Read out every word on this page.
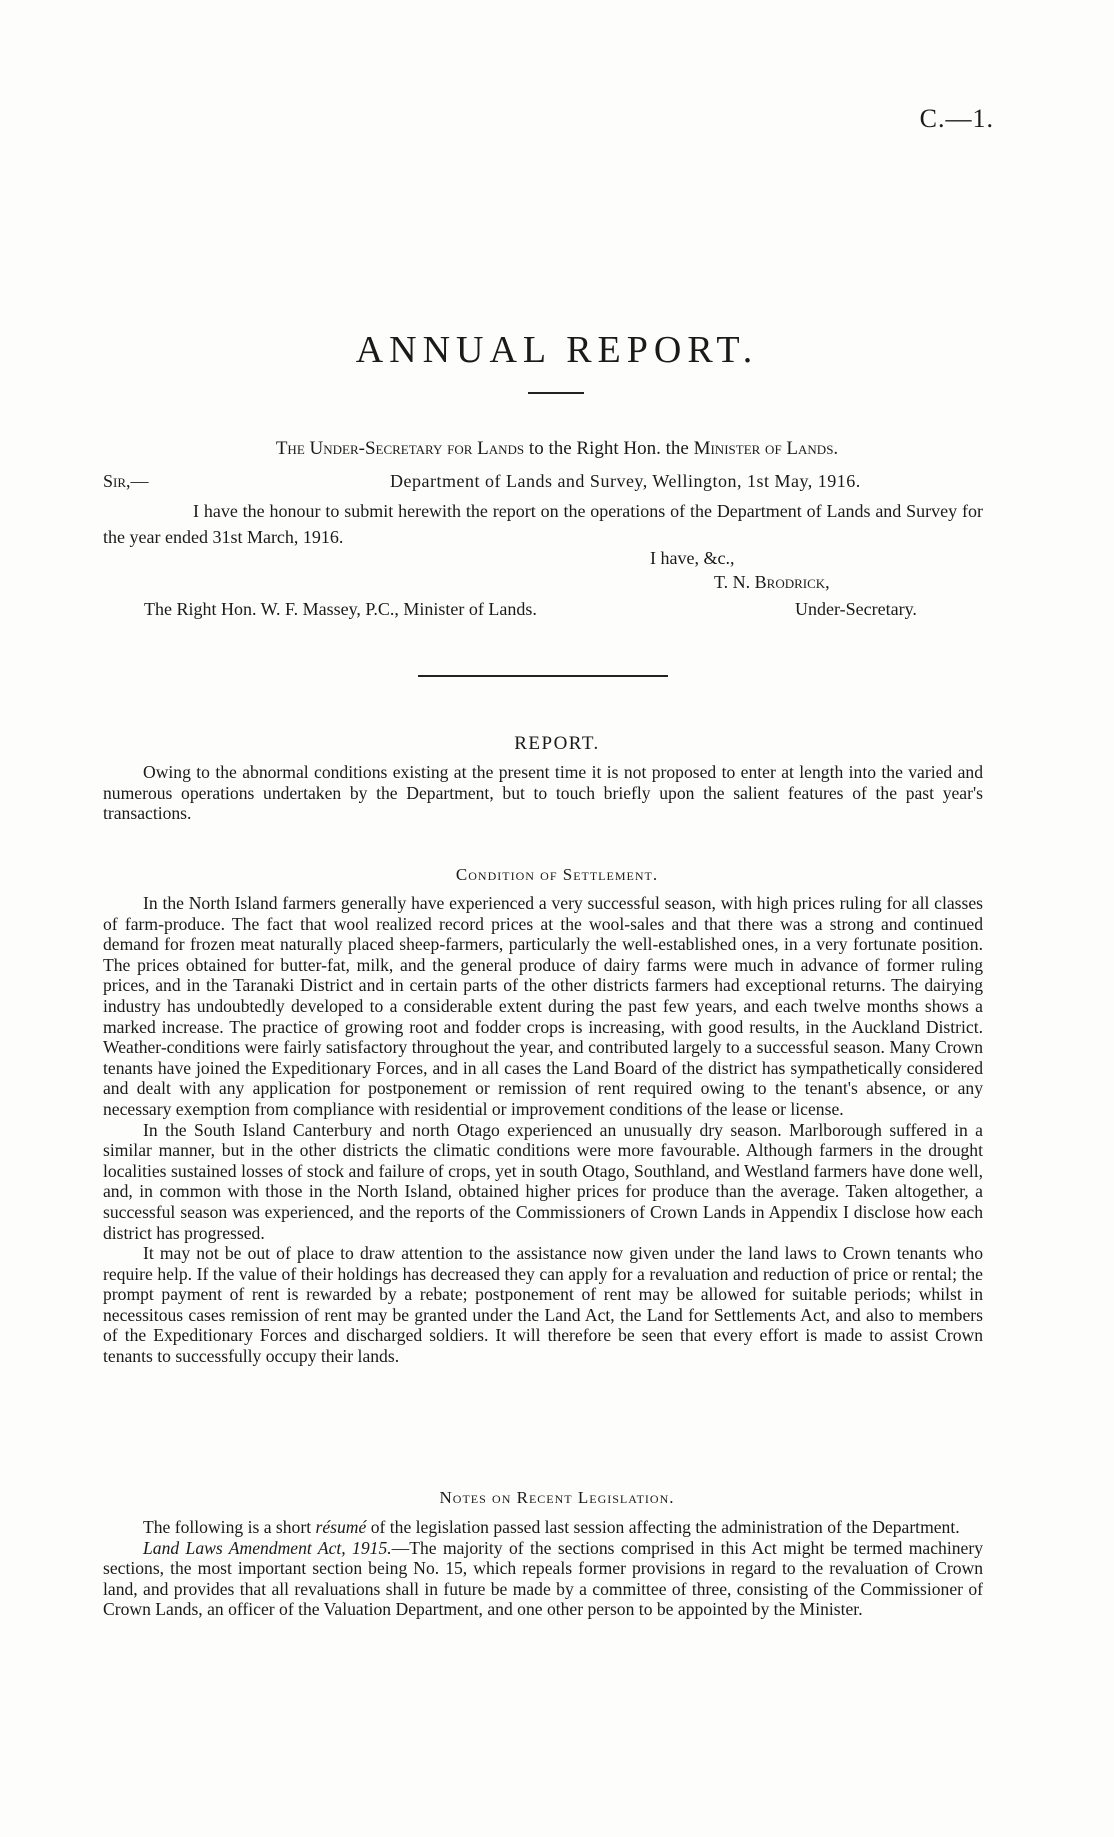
C.—1.
ANNUAL REPORT.
The Under-Secretary for Lands to the Right Hon. the Minister of Lands.
Sir,—	Department of Lands and Survey, Wellington, 1st May, 1916.

I have the honour to submit herewith the report on the operations of the Department of Lands and Survey for the year ended 31st March, 1916.

I have, &c.,
T. N. Brodrick,
The Right Hon. W. F. Massey, P.C., Minister of Lands.	Under-Secretary.
REPORT.

Owing to the abnormal conditions existing at the present time it is not proposed to enter at length into the varied and numerous operations undertaken by the Department, but to touch briefly upon the salient features of the past year's transactions.

Condition of Settlement.

In the North Island farmers generally have experienced a very successful season, with high prices ruling for all classes of farm-produce. The fact that wool realized record prices at the wool-sales and that there was a strong and continued demand for frozen meat naturally placed sheep-farmers, particularly the well-established ones, in a very fortunate position. The prices obtained for butter-fat, milk, and the general produce of dairy farms were much in advance of former ruling prices, and in the Taranaki District and in certain parts of the other districts farmers had exceptional returns. The dairying industry has undoubtedly developed to a considerable extent during the past few years, and each twelve months shows a marked increase. The practice of growing root and fodder crops is increasing, with good results, in the Auckland District. Weather-conditions were fairly satisfactory throughout the year, and contributed largely to a successful season. Many Crown tenants have joined the Expeditionary Forces, and in all cases the Land Board of the district has sympathetically considered and dealt with any application for postponement or remission of rent required owing to the tenant's absence, or any necessary exemption from compliance with residential or improvement conditions of the lease or license.

In the South Island Canterbury and north Otago experienced an unusually dry season. Marlborough suffered in a similar manner, but in the other districts the climatic conditions were more favourable. Although farmers in the drought localities sustained losses of stock and failure of crops, yet in south Otago, Southland, and Westland farmers have done well, and, in common with those in the North Island, obtained higher prices for produce than the average. Taken altogether, a successful season was experienced, and the reports of the Commissioners of Crown Lands in Appendix I disclose how each district has progressed.

It may not be out of place to draw attention to the assistance now given under the land laws to Crown tenants who require help. If the value of their holdings has decreased they can apply for a revaluation and reduction of price or rental; the prompt payment of rent is rewarded by a rebate; postponement of rent may be allowed for suitable periods; whilst in necessitous cases remission of rent may be granted under the Land Act, the Land for Settlements Act, and also to members of the Expeditionary Forces and discharged soldiers. It will therefore be seen that every effort is made to assist Crown tenants to successfully occupy their lands.

Notes on Recent Legislation.

The following is a short résumé of the legislation passed last session affecting the administration of the Department.

Land Laws Amendment Act, 1915.—The majority of the sections comprised in this Act might be termed machinery sections, the most important section being No. 15, which repeals former provisions in regard to the revaluation of Crown land, and provides that all revaluations shall in future be made by a committee of three, consisting of the Commissioner of Crown Lands, an officer of the Valuation Department, and one other person to be appointed by the Minister.
